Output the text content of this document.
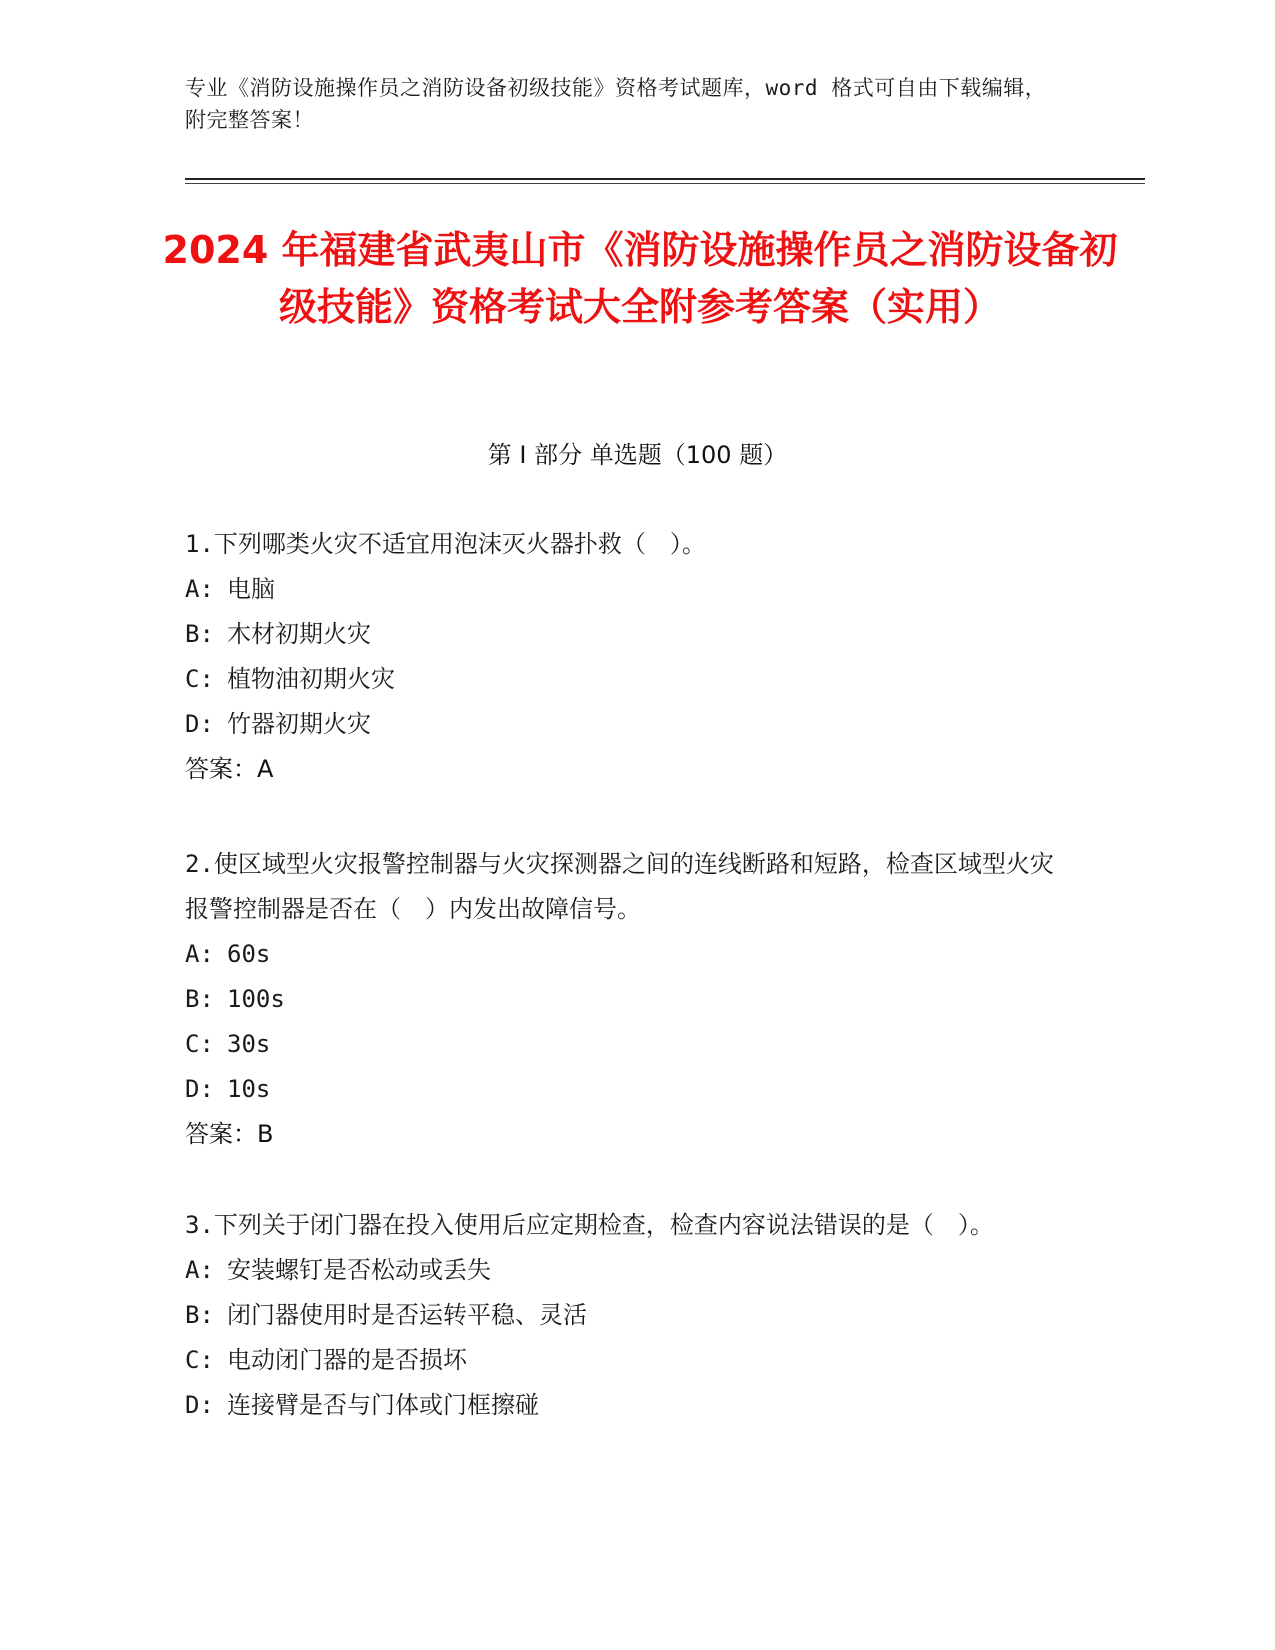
专业《消防设施操作员之消防设备初级技能》资格考试题库，word 格式可自由下载编辑，附完整答案！
2024 年福建省武夷山市《消防设施操作员之消防设备初级技能》资格考试大全附参考答案（实用）
第 I 部分 单选题（100 题）

1.下列哪类火灾不适宜用泡沫灭火器扑救（　）。

A: 电脑

B: 木材初期火灾

C: 植物油初期火灾

D: 竹器初期火灾

答案：A

2.使区域型火灾报警控制器与火灾探测器之间的连线断路和短路，检查区域型火灾报警控制器是否在（　）内发出故障信号。

A: 60s

B: 100s

C: 30s

D: 10s

答案：B

3.下列关于闭门器在投入使用后应定期检查，检查内容说法错误的是（　）。

A: 安装螺钉是否松动或丢失

B: 闭门器使用时是否运转平稳、灵活

C: 电动闭门器的是否损坏

D: 连接臂是否与门体或门框擦碰
